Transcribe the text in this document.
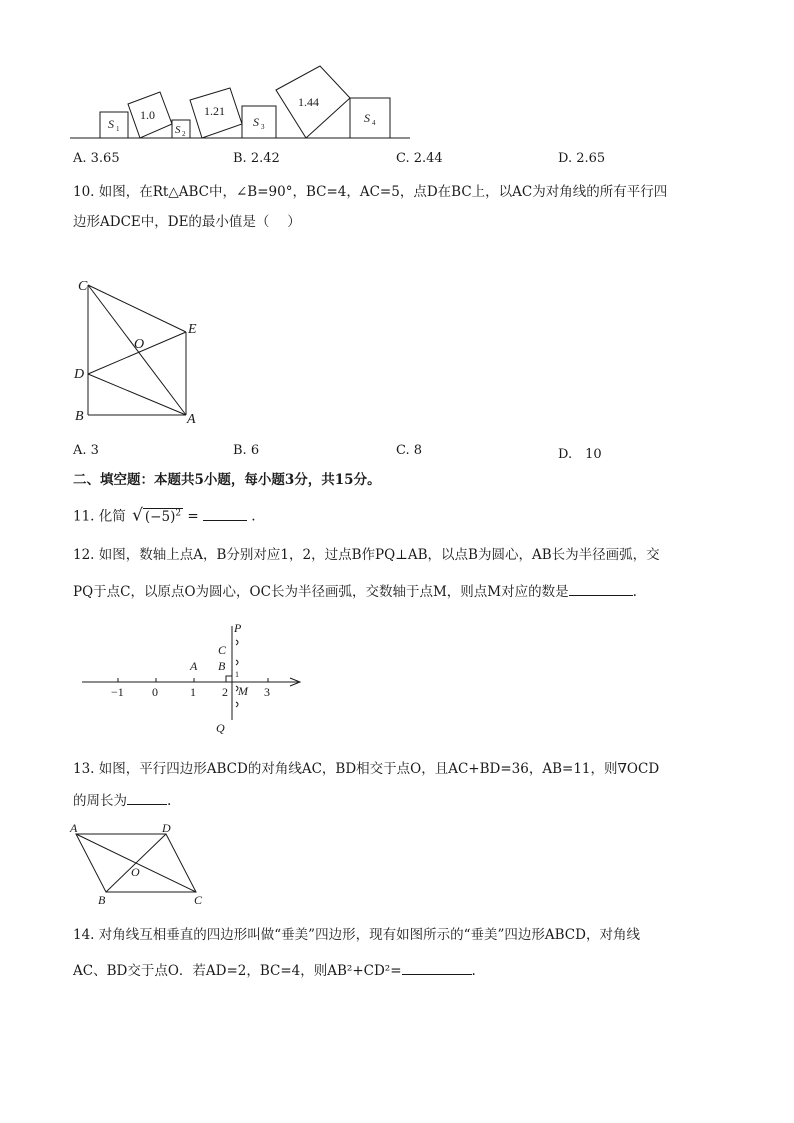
S 1
1.0
S 2
1.21
S 3
1.44
S 4
A. 3.65	B. 2.42	C. 2.44	D. 2.65
10. 如图，在Rt△ABC中，∠B=90°，BC=4，AC=5，点D在BC上，以AC为对角线的所有平行四
边形ADCE中，DE的最小值是（　 ）
C
E
O
D
B	A
A. 3	B. 6	C. 8	D.　10
二、填空题：本题共5小题，每小题3分，共15分。
11. 化简 √ $(-5)^2$ =	.
12. 如图，数轴上点A，B分别对应1，2，过点B作PQ⊥AB，以点B为圆心，AB长为半径画弧，交
PQ于点C，以原点O为圆心，OC长为半径画弧，交数轴于点M，则点M对应的数是	.
P
C
A B
1
−1 0	1 2 M 3
Q
13. 如图，平行四边形ABCD的对角线AC，BD相交于点O，且AC+BD=36，AB=11，则∇OCD
的周长为	.
A	D
O
B	C
14. 对角线互相垂直的四边形叫做“垂美”四边形，现有如图所示的“垂美”四边形ABCD，对角线
AC、BD交于点O．若AD=2，BC=4，则AB²+CD²=	.
